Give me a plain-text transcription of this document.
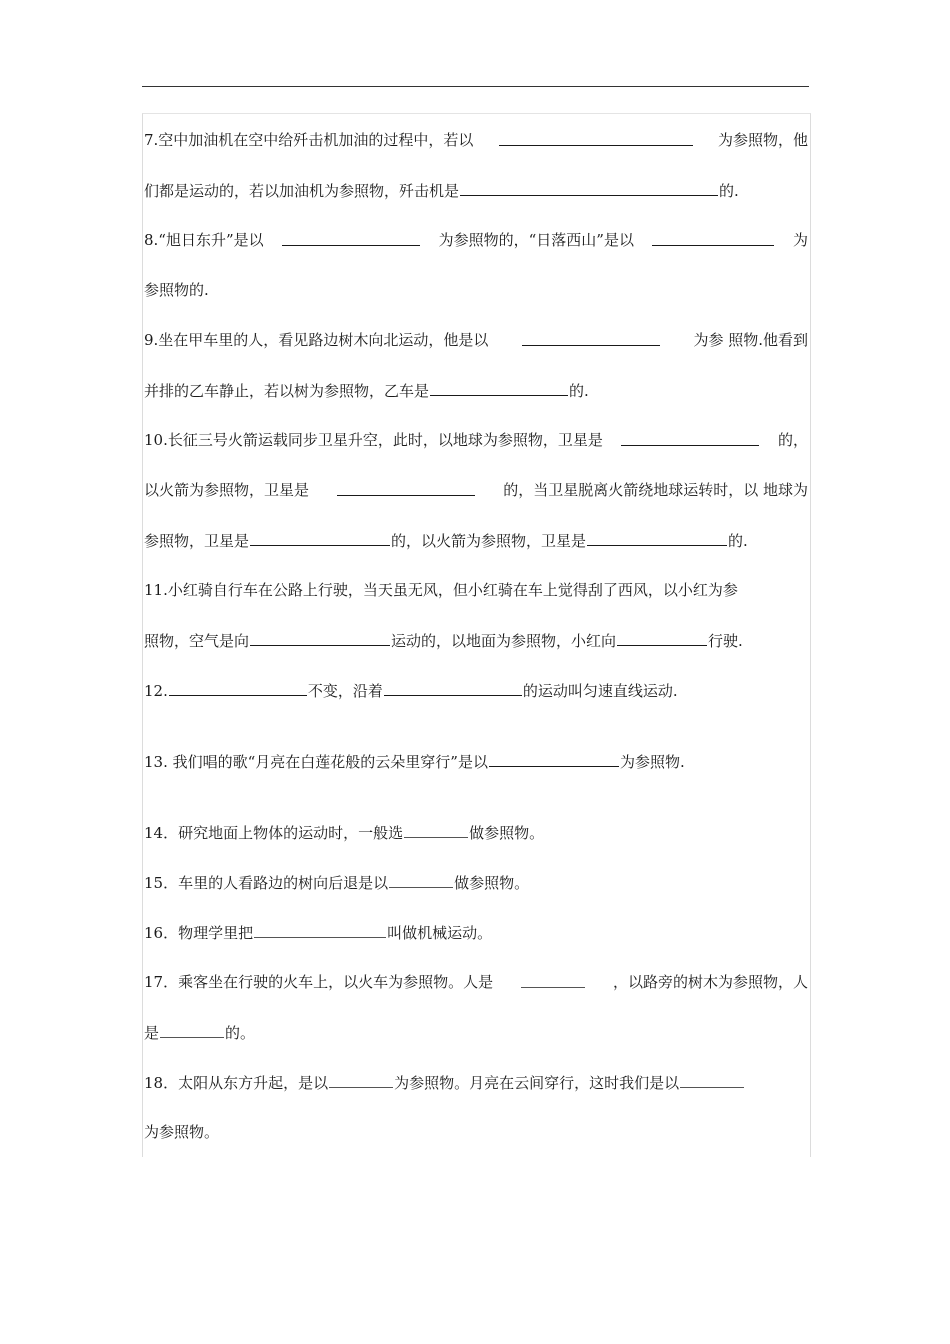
7.空中加油机在空中给歼击机加油的过程中，若以	为参照物，他
们都是运动的，若以加油机为参照物，歼击机是	的.
8.“旭日东升”是以	为参照物的，“日落西山”是以	为
参照物的.
9.坐在甲车里的人，看见路边树木向北运动，他是以	为参 照物.他看到
并排的乙车静止，若以树为参照物，乙车是	的.
10.长征三号火箭运载同步卫星升空，此时，以地球为参照物，卫星是	的，
以火箭为参照物，卫星是	的，当卫星脱离火箭绕地球运转时，以 地球为
参照物，卫星是	的，以火箭为参照物，卫星是	的.
11.小红骑自行车在公路上行驶，当天虽无风，但小红骑在车上觉得刮了西风，以小红为参
照物，空气是向	运动的，以地面为参照物，小红向	行驶.
12.	不变，沿着	的运动叫匀速直线运动.
13. 我们唱的歌“月亮在白莲花般的云朵里穿行”是以	为参照物.
14．研究地面上物体的运动时，一般选	做参照物。
15．车里的人看路边的树向后退是以	做参照物。
16．物理学里把	叫做机械运动。
17．乘客坐在行驶的火车上，以火车为参照物。人是	，以路旁的树木为参照物，人
是	的。
18．太阳从东方升起，是以	为参照物。月亮在云间穿行，这时我们是以
为参照物。
